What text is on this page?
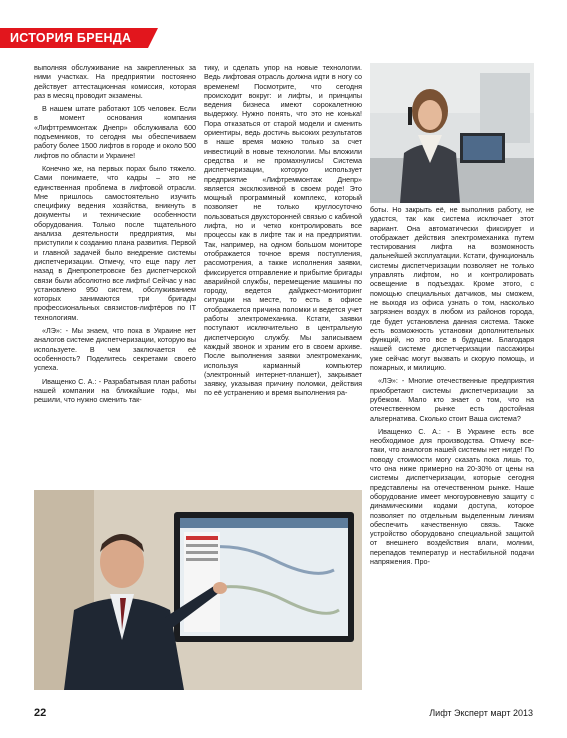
ИСТОРИЯ БРЕНДА

выполняя обслуживание на закрепленных за ними участках. На предприятии постоянно действует аттестационная комиссия, которая раз в месяц проводит экзамены.

В нашем штате работают 105 человек. Если в момент основания компания «Лифттреммонтаж Днепр» обслуживала 600 подъемников, то сегодня мы обеспечиваем работу более 1500 лифтов в городе и около 500 лифтов по области и Украине!

Конечно же, на первых порах было тяжело. Сами понимаете, что кадры – это не единственная проблема в лифтовой отрасли. Мне пришлось самостоятельно изучить специфику ведения хозяйства, вникнуть в документы и технические особенности оборудования. Только после тщательного анализа деятельности предприятия, мы приступили к созданию плана развития. Первой и главной задачей было внедрение системы диспетчеризации. Отмечу, что еще пару лет назад в Днепропетровске без диспетчерской связи были абсолютно все лифты! Сейчас у нас установлено 950 систем, обслуживанием которых занимаются три бригады профессиональных связистов-лифтёров по IT технологиям.

«ЛЭ»: - Мы знаем, что пока в Украине нет аналогов системе диспетчеризации, которую вы используете. В чем заключается её особенность? Поделитесь секретами своего успеха.

Иващенко С. А.: - Разрабатывая план работы нашей компании на ближайшие годы, мы решили, что нужно сменить так-

тику, и сделать упор на новые технологии. Ведь лифтовая отрасль должна идти в ногу со временем! Посмотрите, что сегодня происходит вокруг: и лифты, и принципы ведения бизнеса имеют сорокалетнюю выдержку. Нужно понять, что это не конька! Пора отказаться от старой модели и сменить ориентиры, ведь достичь высоких результатов в наше время можно только за счет инвестиций в новые технологии. Мы вложили средства и не промахнулись! Система диспетчеризации, которую использует предприятие «Лифтреммонтаж Днепр» является эксклюзивной в своем роде! Это мощный программный комплекс, который позволяет не только круглосуточно пользоваться двухсторонней связью с кабиной лифта, но и четко контролировать все процессы как в лифте так и на предприятии. Так, например, на одном большом мониторе отображается точное время поступления, рассмотрения, а также исполнения заявки, фиксируется отправление и прибытие бригады аварийной службы, перемещение машины по городу, ведется дайджест-мониторинг ситуации на месте, то есть в офисе отображается причина поломки и ведется учет работы электромеханика. Кстати, заявки поступают исключительно в центральную диспетчерскую службу. Мы записываем каждый звонок и храним его в своем архиве. После выполнения заявки электромеханик, используя карманный компьютер (электронный интернет-планшет), закрывает заявку, указывая причину поломки, действия по её устранению и время выполнения ра-

боты. Но закрыть её, не выполнив работу, не удастся, так как система исключает этот вариант. Она автоматически фиксирует и отображает действия электромеханика путем тестирования лифта на возможность дальнейшей эксплуатации. Кстати, функциональ системы диспетчеризации позволяет не только управлять лифтом, но и контролировать освещение в подъездах. Кроме этого, с помощью специальных датчиков, мы сможем, не выходя из офиса узнать о том, насколько загрязнен воздух в любом из районов города, где будет установлена данная система. Также есть возможность установки дополнительных функций, но это все в будущем. Благодаря нашей системе диспетчеризации пассажиры уже сейчас могут вызвать и скорую помощь, и пожарных, и милицию.

«ЛЭ»: - Многие отечественные предприятия приобретают системы диспетчеризации за рубежом. Мало кто знает о том, что на отечественном рынке есть достойная альтернатива. Сколько стоит Ваша система?

Иващенко С. А.: - В Украине есть все необходимое для производства. Отмечу все-таки, что аналогов нашей системы нет нигде! По поводу стоимости могу сказать пока лишь то, что она ниже примерно на 20-30% от цены на системы диспетчеризации, которые сегодня представлены на отечественном рынке. Наше оборудование имеет многоуровневую защиту с динамическими кодами доступа, которое позволяет по отдельным выделенным линиям обеспечить качественную связь. Также устройство оборудовано специальной защитой от внешнего воздействия влаги, молнии, перепадов температур и нестабильной подачи напряжения. Про-

22	Лифт Эксперт март 2013
